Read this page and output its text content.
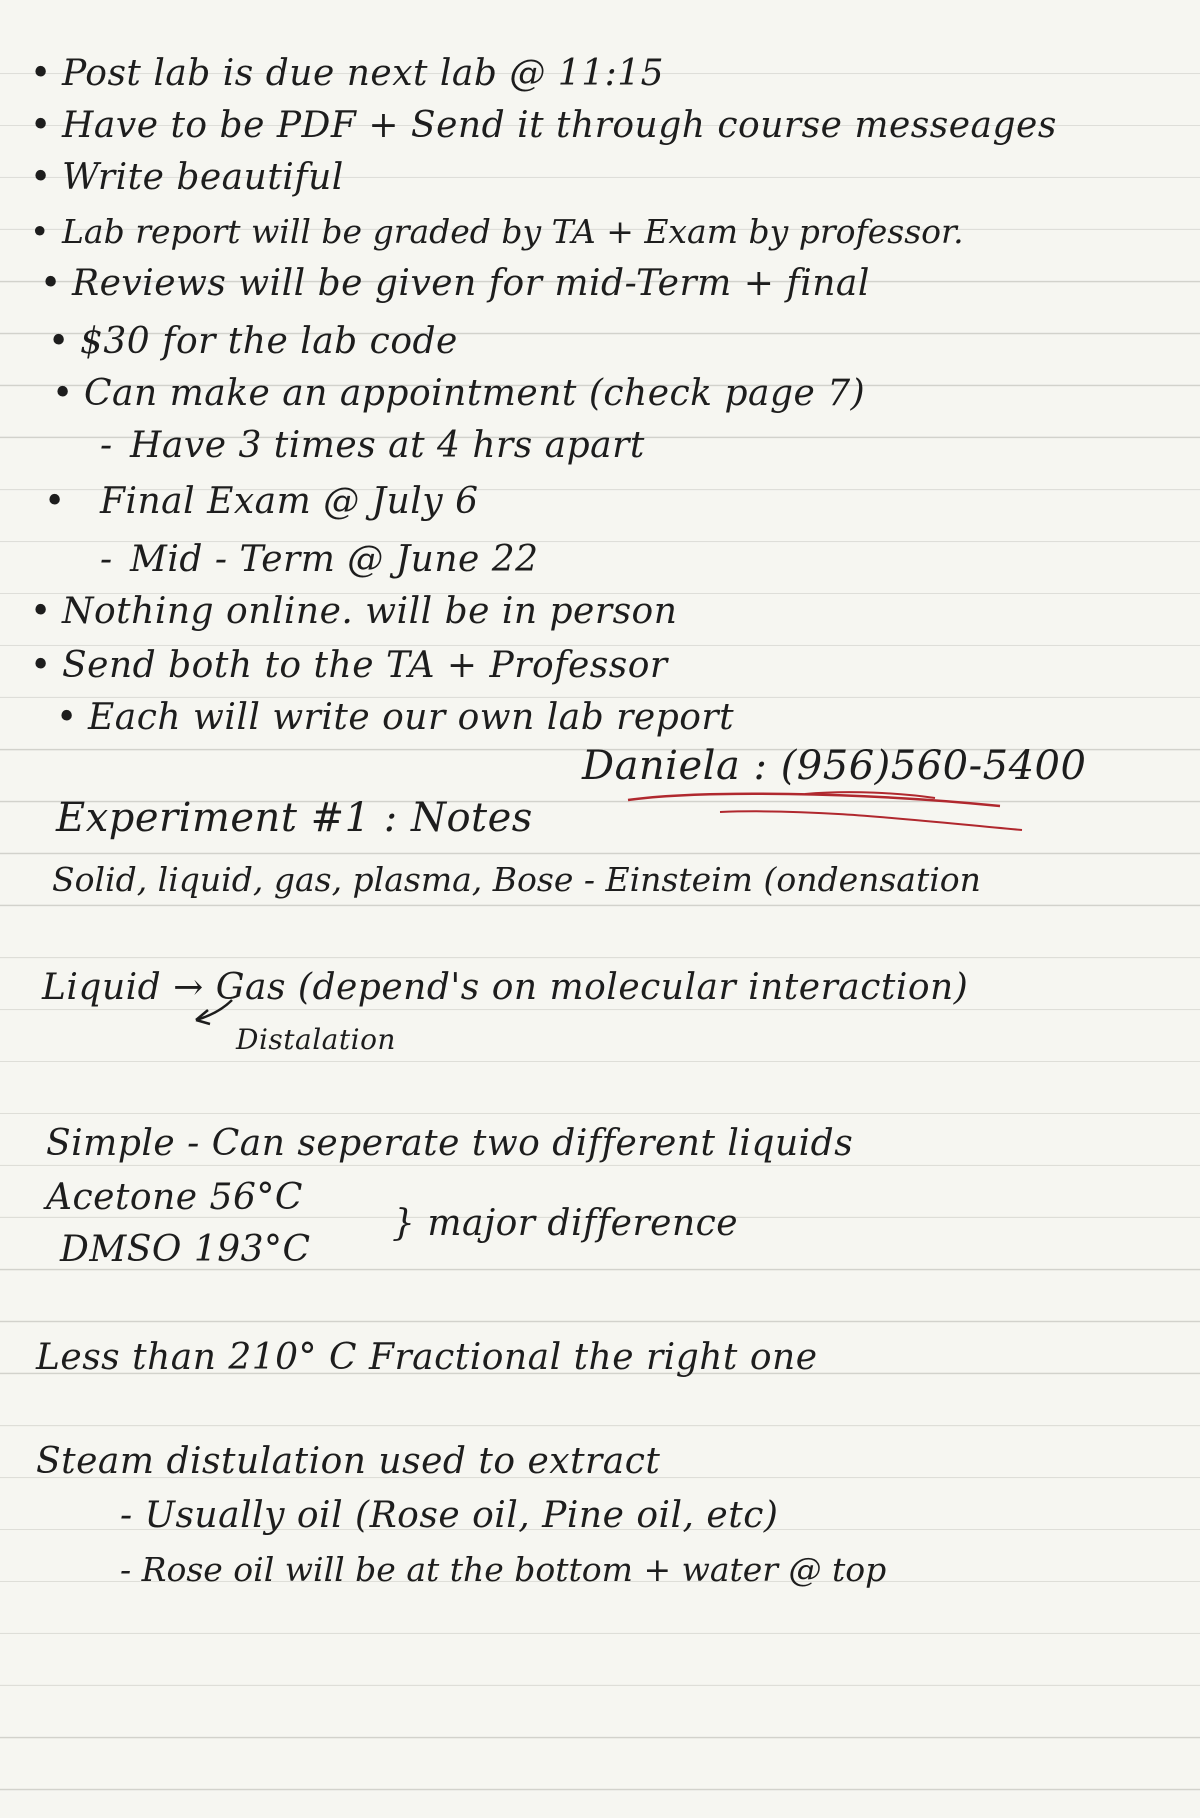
• Post lab is due next lab @ 11:15
• Have to be PDF + Send it through course messeages
• Write beautiful
• Lab report will be graded by TA + Exam by professor.
• Reviews will be given for mid-Term + final
• $30 for the lab code
• Can make an appointment (check page 7)
- Have 3 times at 4 hrs apart
• Final Exam @ July 6
- Mid - Term @ June 22
• Nothing online. will be in person
• Send both to the TA + Professor
• Each will write our own lab report
Daniela : (956)560-5400
Experiment #1 : Notes
Solid, liquid, gas, plasma, Bose - Einsteim (ondensation
Liquid → Gas (depend's on molecular interaction)
Distalation
Simple - Can seperate two different liquids
Acetone 56°C
DMSO 193°C
} major difference
Less than 210° C Fractional the right one
Steam distulation used to extract
- Usually oil (Rose oil, Pine oil, etc)
- Rose oil will be at the bottom + water @ top
